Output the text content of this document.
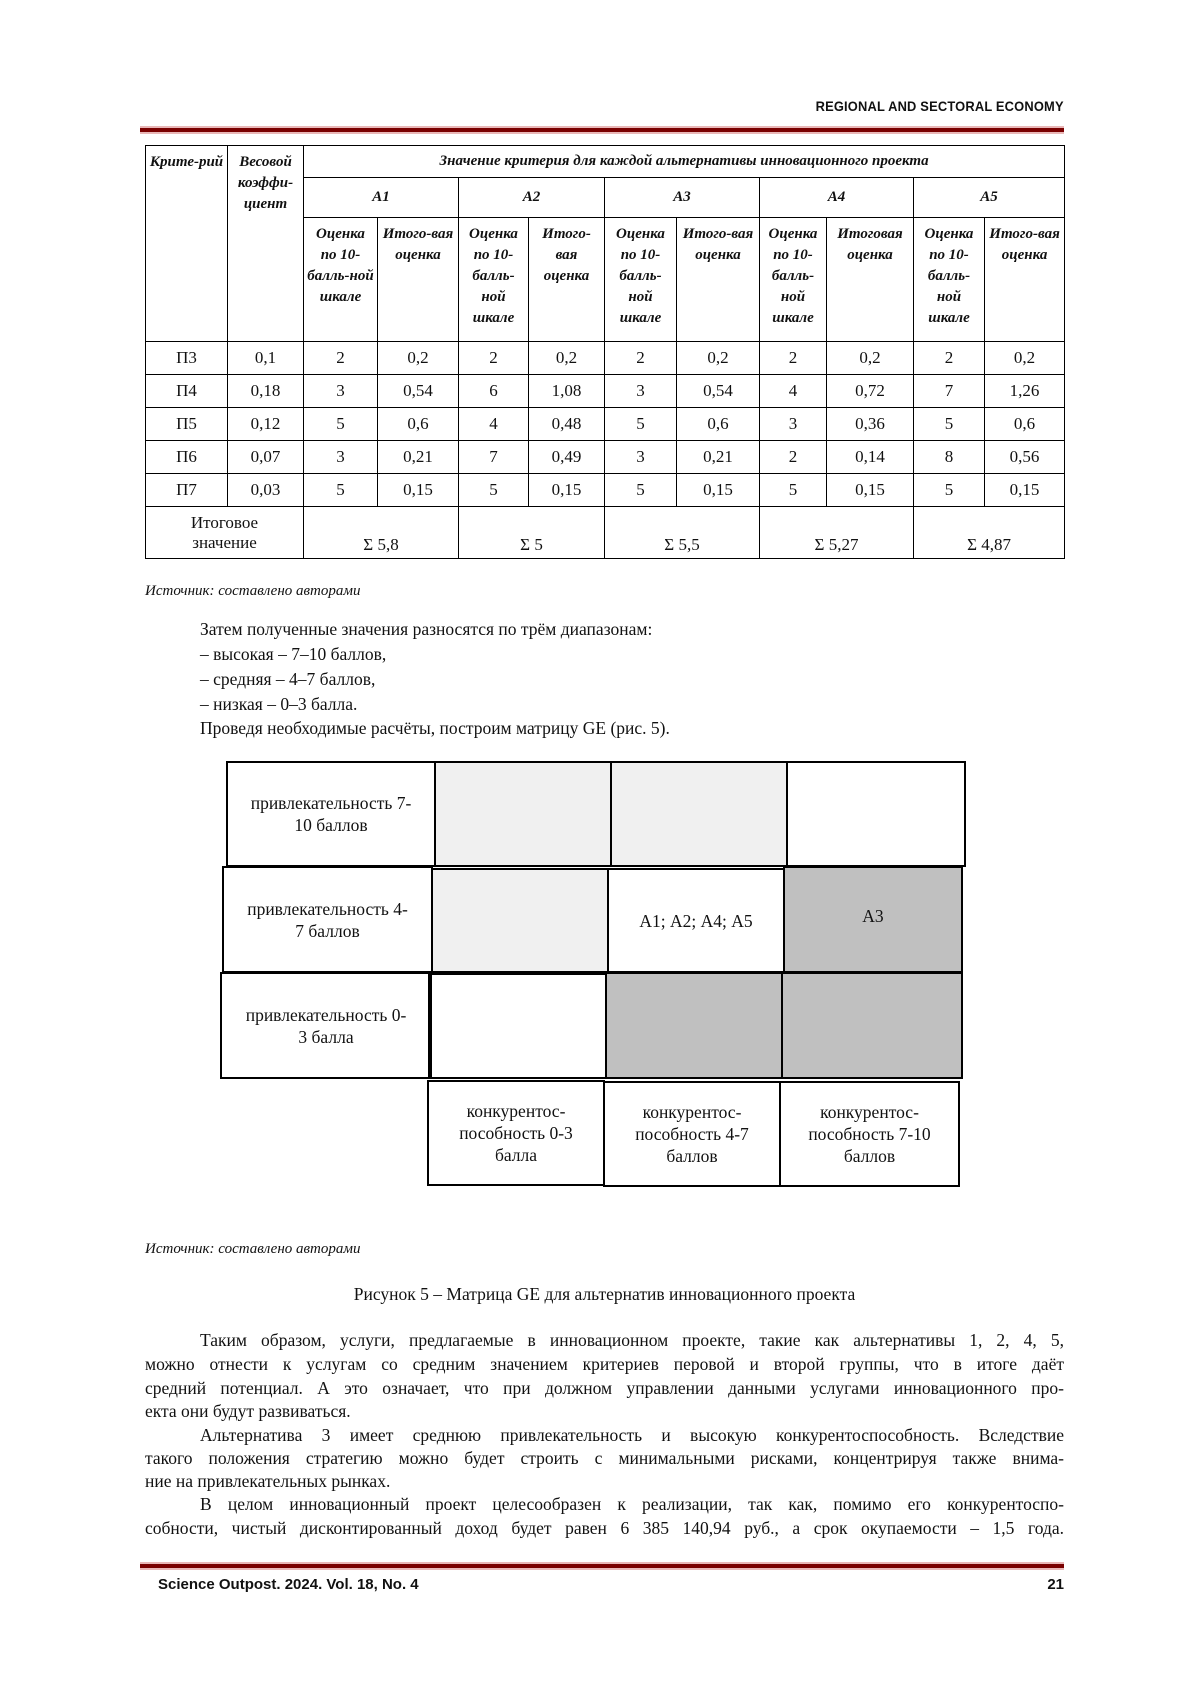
REGIONAL AND SECTORAL ECONOMY
Крите-рий	Весовой коэффи-циент	Значение критерия для каждой альтернативы инновационного проекта
А1	А2	А3	А4	А5
Оценка по 10-балль-ной шкале	Итого-вая оценка	Оценка по 10-балль-ной шкале	Итого-вая оценка	Оценка по 10-балль-ной шкале	Итого-вая оценка	Оценка по 10-балль-ной шкале	Итоговая оценка	Оценка по 10-балль-ной шкале	Итого-вая оценка
П3	0,1	2	0,2	2	0,2	2	0,2	2	0,2	2	0,2
П4	0,18	3	0,54	6	1,08	3	0,54	4	0,72	7	1,26
П5	0,12	5	0,6	4	0,48	5	0,6	3	0,36	5	0,6
П6	0,07	3	0,21	7	0,49	3	0,21	2	0,14	8	0,56
П7	0,03	5	0,15	5	0,15	5	0,15	5	0,15	5	0,15
Итоговое значение	Σ 5,8	Σ 5	Σ 5,5	Σ 5,27	Σ 4,87
Источник: составлено авторами
Затем полученные значения разносятся по трём диапазонам:
– высокая – 7–10 баллов,
– средняя – 4–7 баллов,
– низкая – 0–3 балла.
Проведя необходимые расчёты, построим матрицу GE (рис. 5).
привлекательность 7-10 баллов
привлекательность 4-7 баллов	А1; А2; А4; А5	А3
привлекательность 0-3 балла
конкурентос-пособность 0-3 балла
конкурентос-пособность 4-7 баллов
конкурентос-пособность 7-10 баллов
Источник: составлено авторами
Рисунок 5 – Матрица GE для альтернатив инновационного проекта
Таким образом, услуги, предлагаемые в инновационном проекте, такие как альтернативы 1, 2, 4, 5,
можно отнести к услугам со средним значением критериев перовой и второй группы, что в итоге даёт
средний потенциал. А это означает, что при должном управлении данными услугами инновационного про-
екта они будут развиваться.
Альтернатива 3 имеет среднюю привлекательность и высокую конкурентоспособность. Вследствие
такого положения стратегию можно будет строить с минимальными рисками, концентрируя также внима-
ние на привлекательных рынках.
В целом инновационный проект целесообразен к реализации, так как, помимо его конкурентоспо-
собности, чистый дисконтированный доход будет равен 6 385 140,94 руб., а срок окупаемости – 1,5 года.
Science Outpost. 2024. Vol. 18, No. 4	21
